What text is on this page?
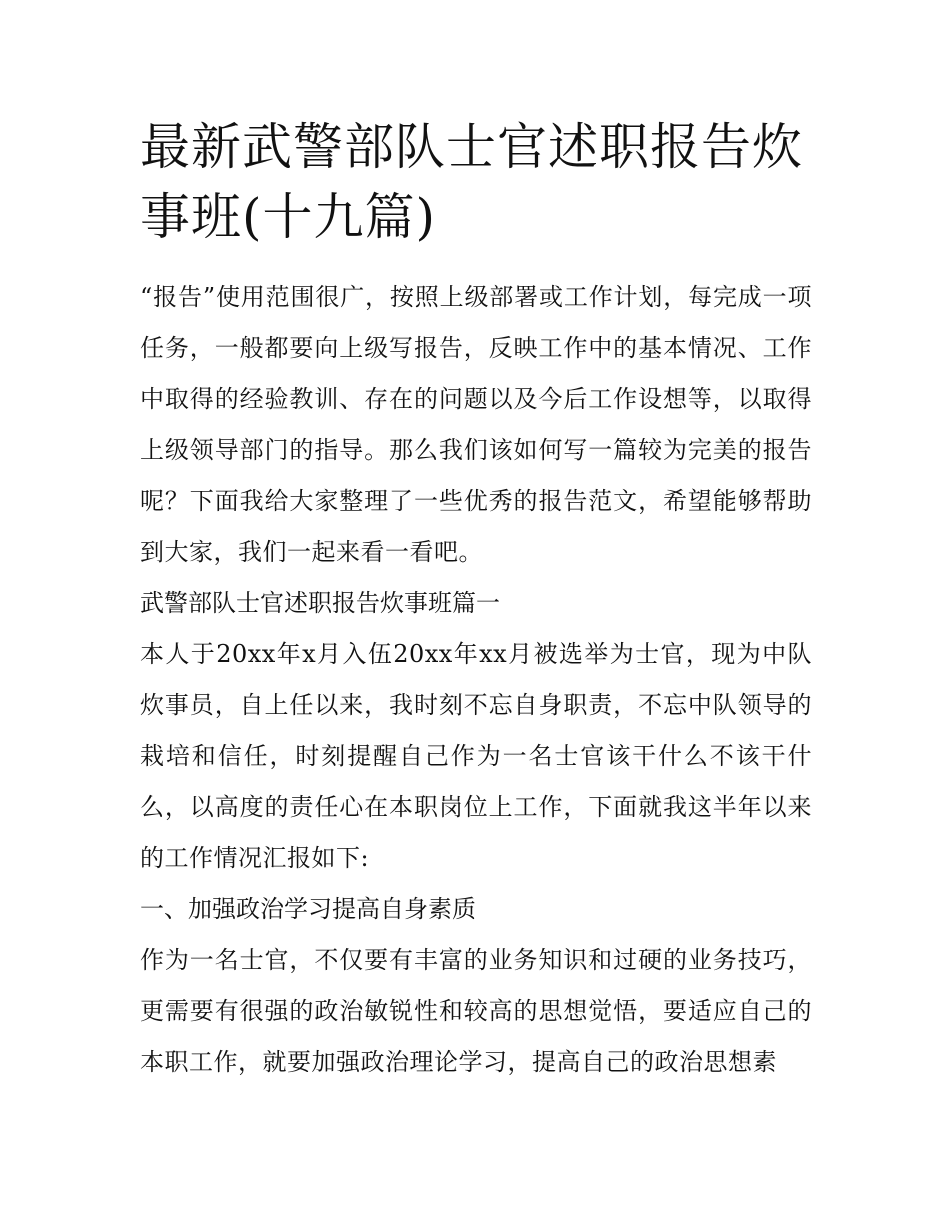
最新武警部队士官述职报告炊事班(十九篇)

“报告”使用范围很广，按照上级部署或工作计划，每完成一项任务，一般都要向上级写报告，反映工作中的基本情况、工作中取得的经验教训、存在的问题以及今后工作设想等，以取得上级领导部门的指导。那么我们该如何写一篇较为完美的报告呢？下面我给大家整理了一些优秀的报告范文，希望能够帮助到大家，我们一起来看一看吧。

武警部队士官述职报告炊事班篇一

本人于20xx年x月入伍20xx年xx月被选举为士官，现为中队炊事员，自上任以来，我时刻不忘自身职责，不忘中队领导的栽培和信任，时刻提醒自己作为一名士官该干什么不该干什么，以高度的责任心在本职岗位上工作，下面就我这半年以来的工作情况汇报如下:

一、加强政治学习提高自身素质

作为一名士官，不仅要有丰富的业务知识和过硬的业务技巧，更需要有很强的政治敏锐性和较高的思想觉悟，要适应自己的本职工作，就要加强政治理论学习，提高自己的政治思想素
